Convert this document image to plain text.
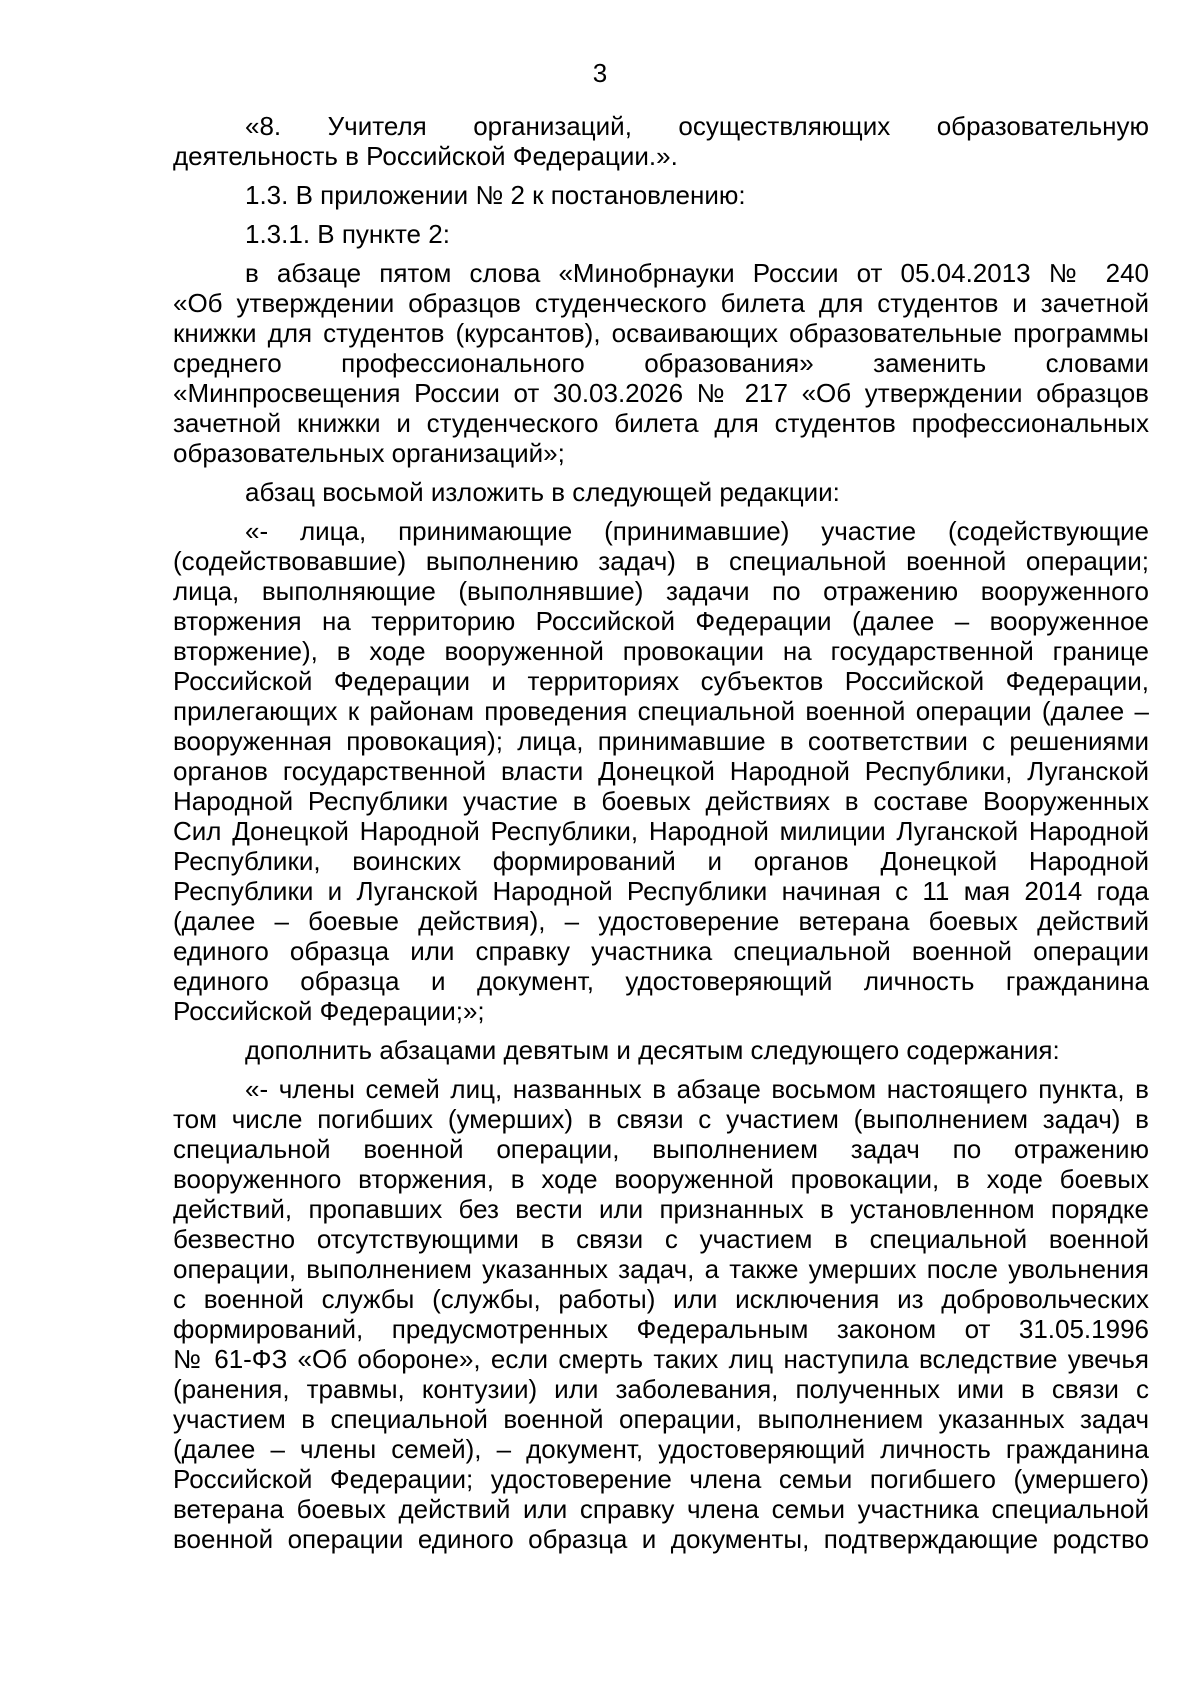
3
«8. Учителя организаций, осуществляющих образовательную
деятельность в Российской Федерации.».
1.3. В приложении № 2 к постановлению:
1.3.1. В пункте 2:
в абзаце пятом слова «Минобрнауки России от 05.04.2013 № 240
«Об утверждении образцов студенческого билета для студентов и зачетной
книжки для студентов (курсантов), осваивающих образовательные программы
среднего профессионального образования» заменить словами
«Минпросвещения России от 30.03.2026 № 217 «Об утверждении образцов
зачетной книжки и студенческого билета для студентов профессиональных
образовательных организаций»;
абзац восьмой изложить в следующей редакции:
«- лица, принимающие (принимавшие) участие (содействующие
(содействовавшие) выполнению задач) в специальной военной операции;
лица, выполняющие (выполнявшие) задачи по отражению вооруженного
вторжения на территорию Российской Федерации (далее – вооруженное
вторжение), в ходе вооруженной провокации на государственной границе
Российской Федерации и территориях субъектов Российской Федерации,
прилегающих к районам проведения специальной военной операции (далее –
вооруженная провокация); лица, принимавшие в соответствии с решениями
органов государственной власти Донецкой Народной Республики, Луганской
Народной Республики участие в боевых действиях в составе Вооруженных
Сил Донецкой Народной Республики, Народной милиции Луганской Народной
Республики, воинских формирований и органов Донецкой Народной
Республики и Луганской Народной Республики начиная с 11 мая 2014 года
(далее – боевые действия), – удостоверение ветерана боевых действий
единого образца или справку участника специальной военной операции
единого образца и документ, удостоверяющий личность гражданина
Российской Федерации;»;
дополнить абзацами девятым и десятым следующего содержания:
«- члены семей лиц, названных в абзаце восьмом настоящего пункта, в
том числе погибших (умерших) в связи с участием (выполнением задач) в
специальной военной операции, выполнением задач по отражению
вооруженного вторжения, в ходе вооруженной провокации, в ходе боевых
действий, пропавших без вести или признанных в установленном порядке
безвестно отсутствующими в связи с участием в специальной военной
операции, выполнением указанных задач, а также умерших после увольнения
с военной службы (службы, работы) или исключения из добровольческих
формирований, предусмотренных Федеральным законом от 31.05.1996
№ 61-ФЗ «Об обороне», если смерть таких лиц наступила вследствие увечья
(ранения, травмы, контузии) или заболевания, полученных ими в связи с
участием в специальной военной операции, выполнением указанных задач
(далее – члены семей), – документ, удостоверяющий личность гражданина
Российской Федерации; удостоверение члена семьи погибшего (умершего)
ветерана боевых действий или справку члена семьи участника специальной
военной операции единого образца и документы, подтверждающие родство
